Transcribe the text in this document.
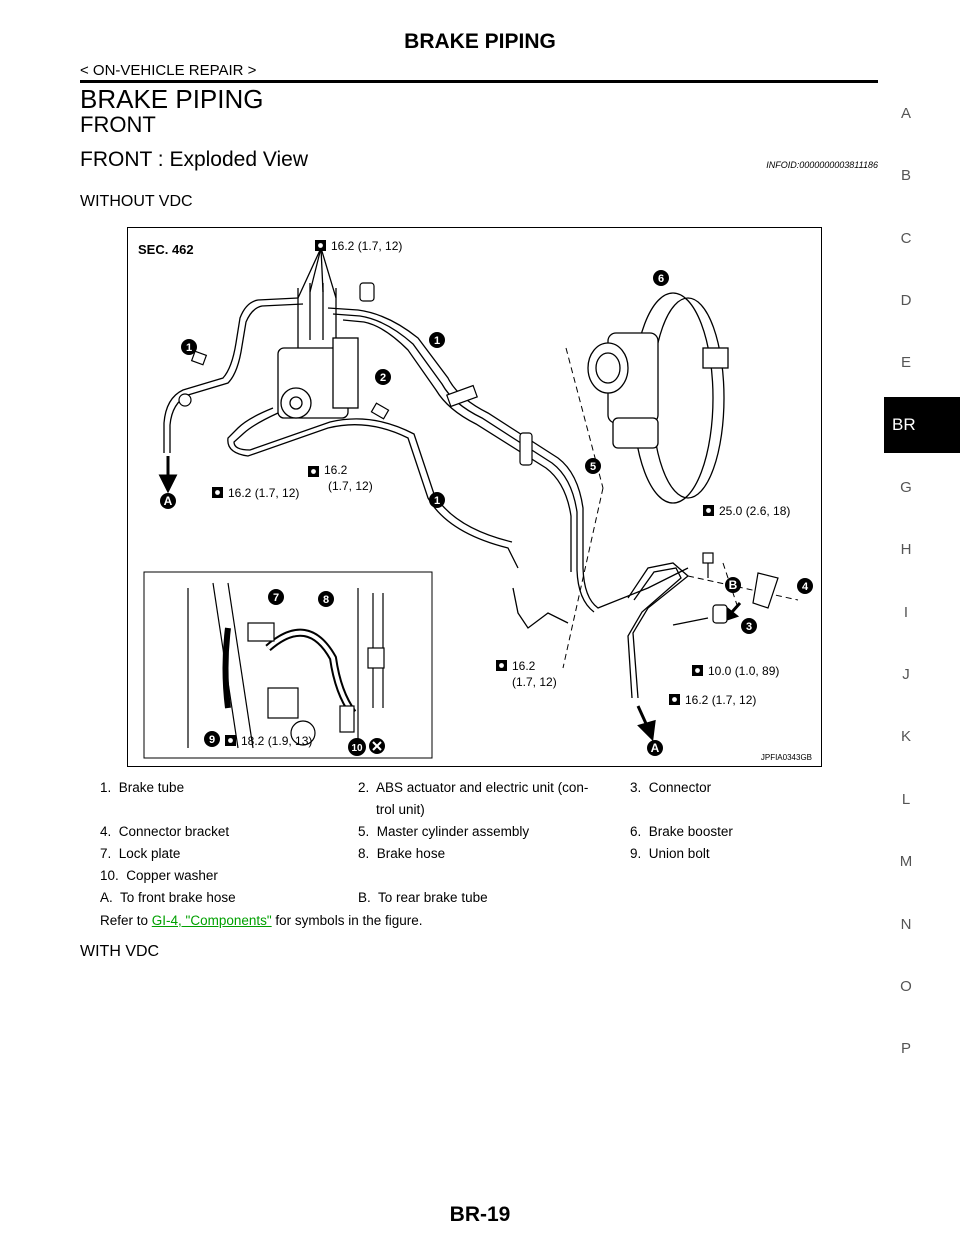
BRAKE PIPING
< ON-VEHICLE REPAIR >
BRAKE PIPING
FRONT
FRONT : Exploded View	INFOID:0000000003811186
WITHOUT VDC
A
B
C
D
E
BR
G
H
I
J
K
L
M
N
O
P
SEC. 462	16.2 (1.7, 12)
16.2
(1.7, 12)
16.2 (1.7, 12)
25.0 (2.6, 18)
16.2
(1.7, 12)
10.0 (1.0, 89)
16.2 (1.7, 12)
18.2 (1.9, 13)
1
1
1
2
3
4
5
6
7	8
9
10
A
A
B
JPFIA0343GB
1. Brake tube	2. ABS actuator and electric unit (con-	3. Connector
	trol unit)	
4. Connector bracket	5. Master cylinder assembly	6. Brake booster
7. Lock plate	8. Brake hose	9. Union bolt
10. Copper washer		
A. To front brake hose	B. To rear brake tube	
Refer to GI-4, "Components" for symbols in the figure.
WITH VDC
BR-19
